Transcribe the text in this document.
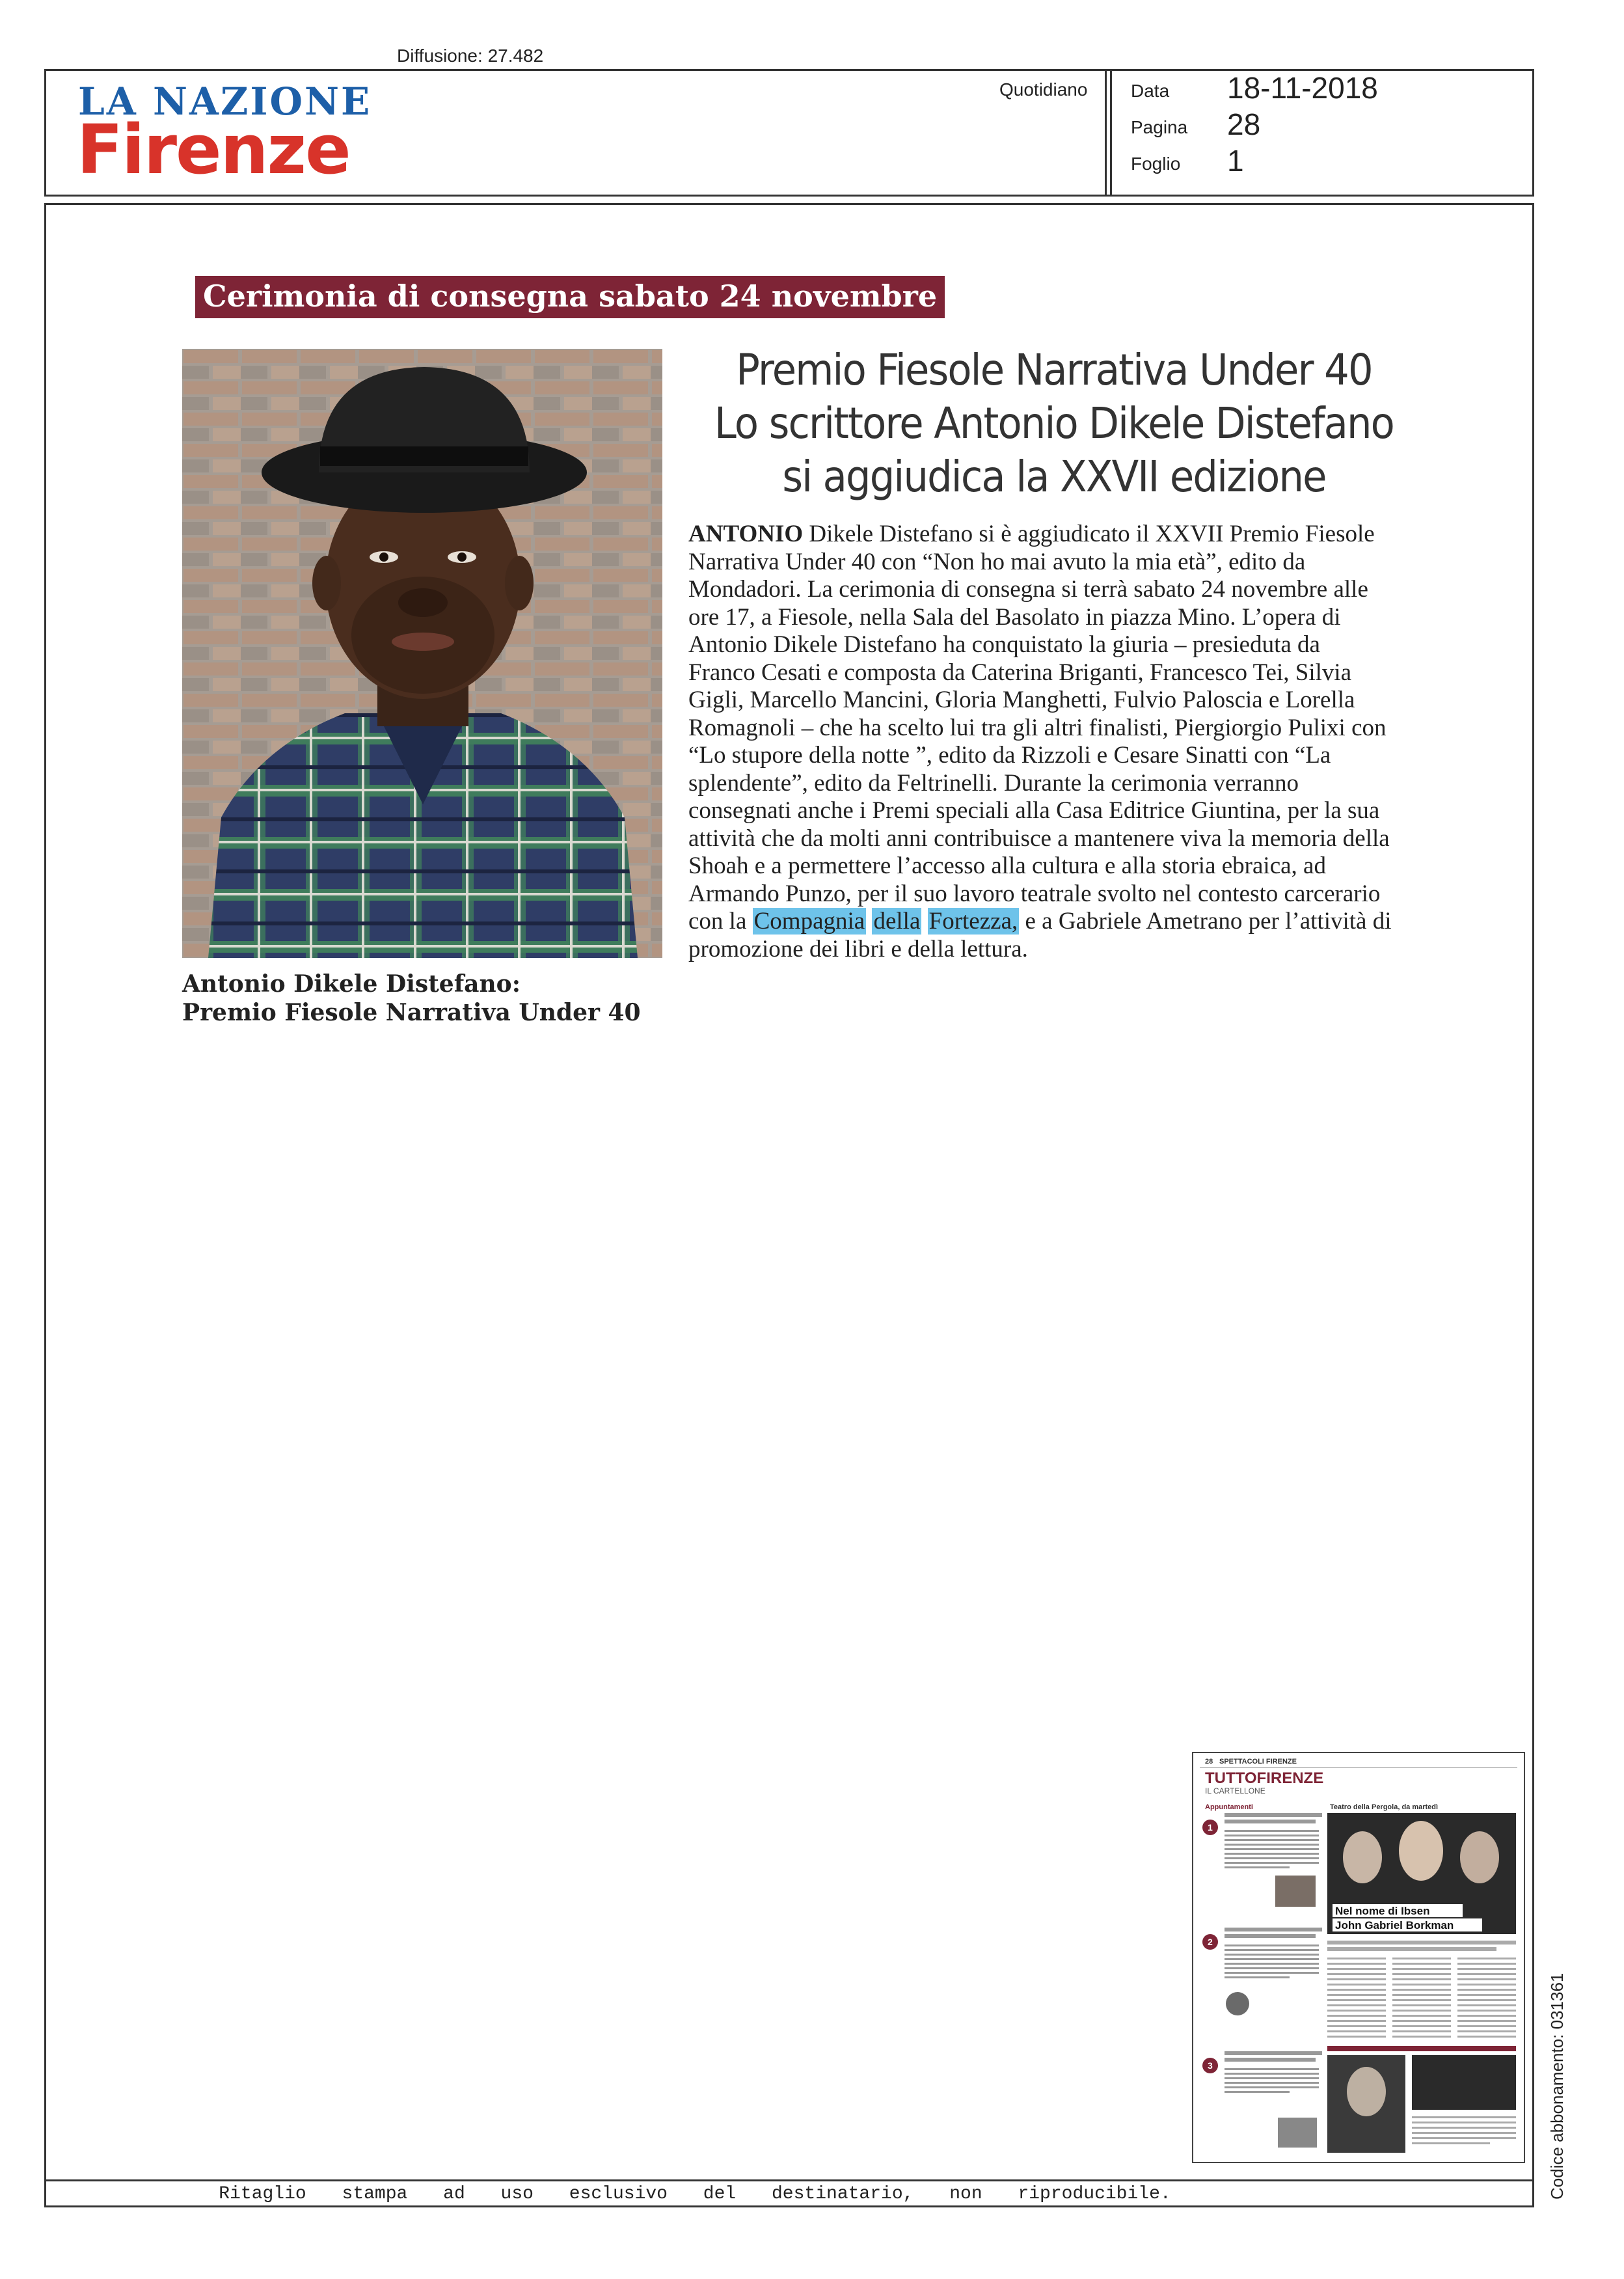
Diffusione: 27.482
LA NAZIONE
Firenze
Quotidiano Data 18-11-2018
Pagina 28
Foglio 1
Cerimonia di consegna sabato 24 novembre
Antonio Dikele Distefano:
Premio Fiesole Narrativa Under 40
Premio Fiesole Narrativa Under 40
Lo scrittore Antonio Dikele Distefano
si aggiudica la XXVII edizione
ANTONIO Dikele Distefano si è aggiudicato il XXVII Premio Fiesole Narrativa Under 40 con “Non ho mai avuto la mia età”, edito da Mondadori. La cerimonia di consegna si terrà sabato 24 novembre alle ore 17, a Fiesole, nella Sala del Basolato in piazza Mino. L’opera di Antonio Dikele Distefano ha conquistato la giuria – presieduta da Franco Cesati e composta da Caterina Briganti, Francesco Tei, Silvia Gigli, Marcello Mancini, Gloria Manghetti, Fulvio Paloscia e Lorella Romagnoli – che ha scelto lui tra gli altri finalisti, Piergiorgio Pulixi con “Lo stupore della notte ”, edito da Rizzoli e Cesare Sinatti con “La splendente”, edito da Feltrinelli. Durante la cerimonia verranno consegnati anche i Premi speciali alla Casa Editrice Giuntina, per la sua attività che da molti anni contribuisce a mantenere viva la memoria della Shoah e a permettere l’accesso alla cultura e alla storia ebraica, ad Armando Punzo, per il suo lavoro teatrale svolto nel contesto carcerario con la Compagnia della Fortezza, e a Gabriele Ametrano per l’attività di promozione dei libri e della lettura.
28 SPETTACOLI FIRENZE
TUTTOFIRENZE
IL CARTELLONE
Appuntamenti	Teatro della Pergola, da martedì
1
2
3
Nel nome di Ibsen
John Gabriel Borkman
Ritaglio stampa ad uso esclusivo del destinatario, non riproducibile.	Codice abbonamento: 031361
